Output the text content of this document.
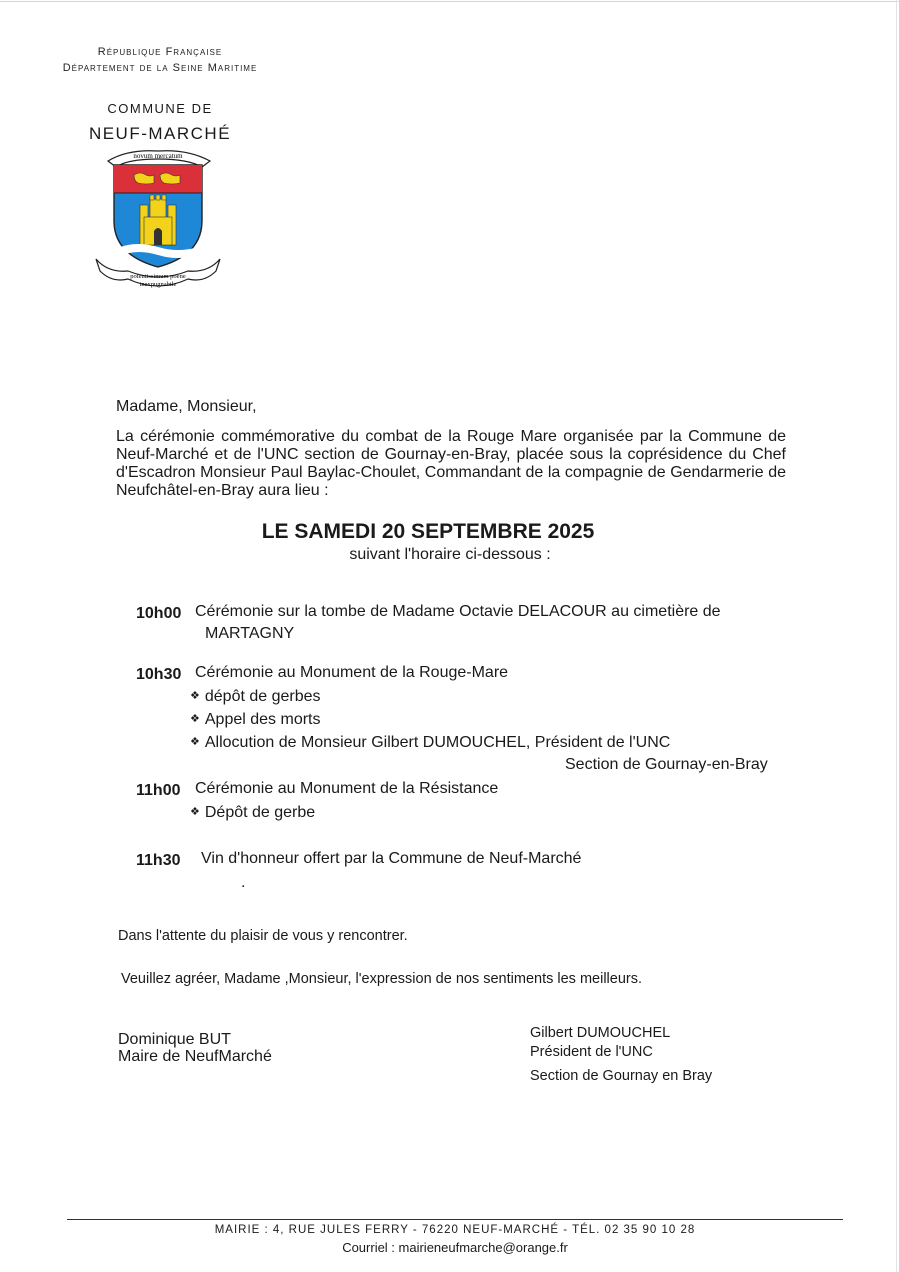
République Française
Département de la Seine Maritime
COMMUNE DE
NEUF-MARCHÉ
novum mercatum
potentissimum poene
inexpugnabile
Madame, Monsieur,
La cérémonie commémorative du combat de la Rouge Mare organisée par la Commune de Neuf-Marché et de l'UNC section de Gournay-en-Bray, placée sous la coprésidence du Chef d'Escadron Monsieur Paul Baylac-Choulet, Commandant de la compagnie de Gendarmerie de Neufchâtel-en-Bray aura lieu :
LE SAMEDI 20 SEPTEMBRE 2025
suivant l'horaire ci-dessous :
10h00 Cérémonie sur la tombe de Madame Octavie DELACOUR au cimetière de
MARTAGNY
10h30 Cérémonie au Monument de la Rouge-Mare
❖ dépôt de gerbes
❖ Appel des morts
❖ Allocution de Monsieur Gilbert DUMOUCHEL, Président de l'UNC
Section de Gournay-en-Bray
11h00 Cérémonie au Monument de la Résistance
❖ Dépôt de gerbe
11h30 Vin d'honneur offert par la Commune de Neuf-Marché
.
Dans l'attente du plaisir de vous y rencontrer.
Veuillez agréer, Madame ,Monsieur, l'expression de nos sentiments les meilleurs.
Dominique BUT
Maire de NeufMarché
Gilbert DUMOUCHEL
Président de l'UNC
Section de Gournay en Bray
MAIRIE : 4, RUE JULES FERRY - 76220 NEUF-MARCHÉ - TÉL. 02 35 90 10 28
Courriel : mairieneufmarche@orange.fr
